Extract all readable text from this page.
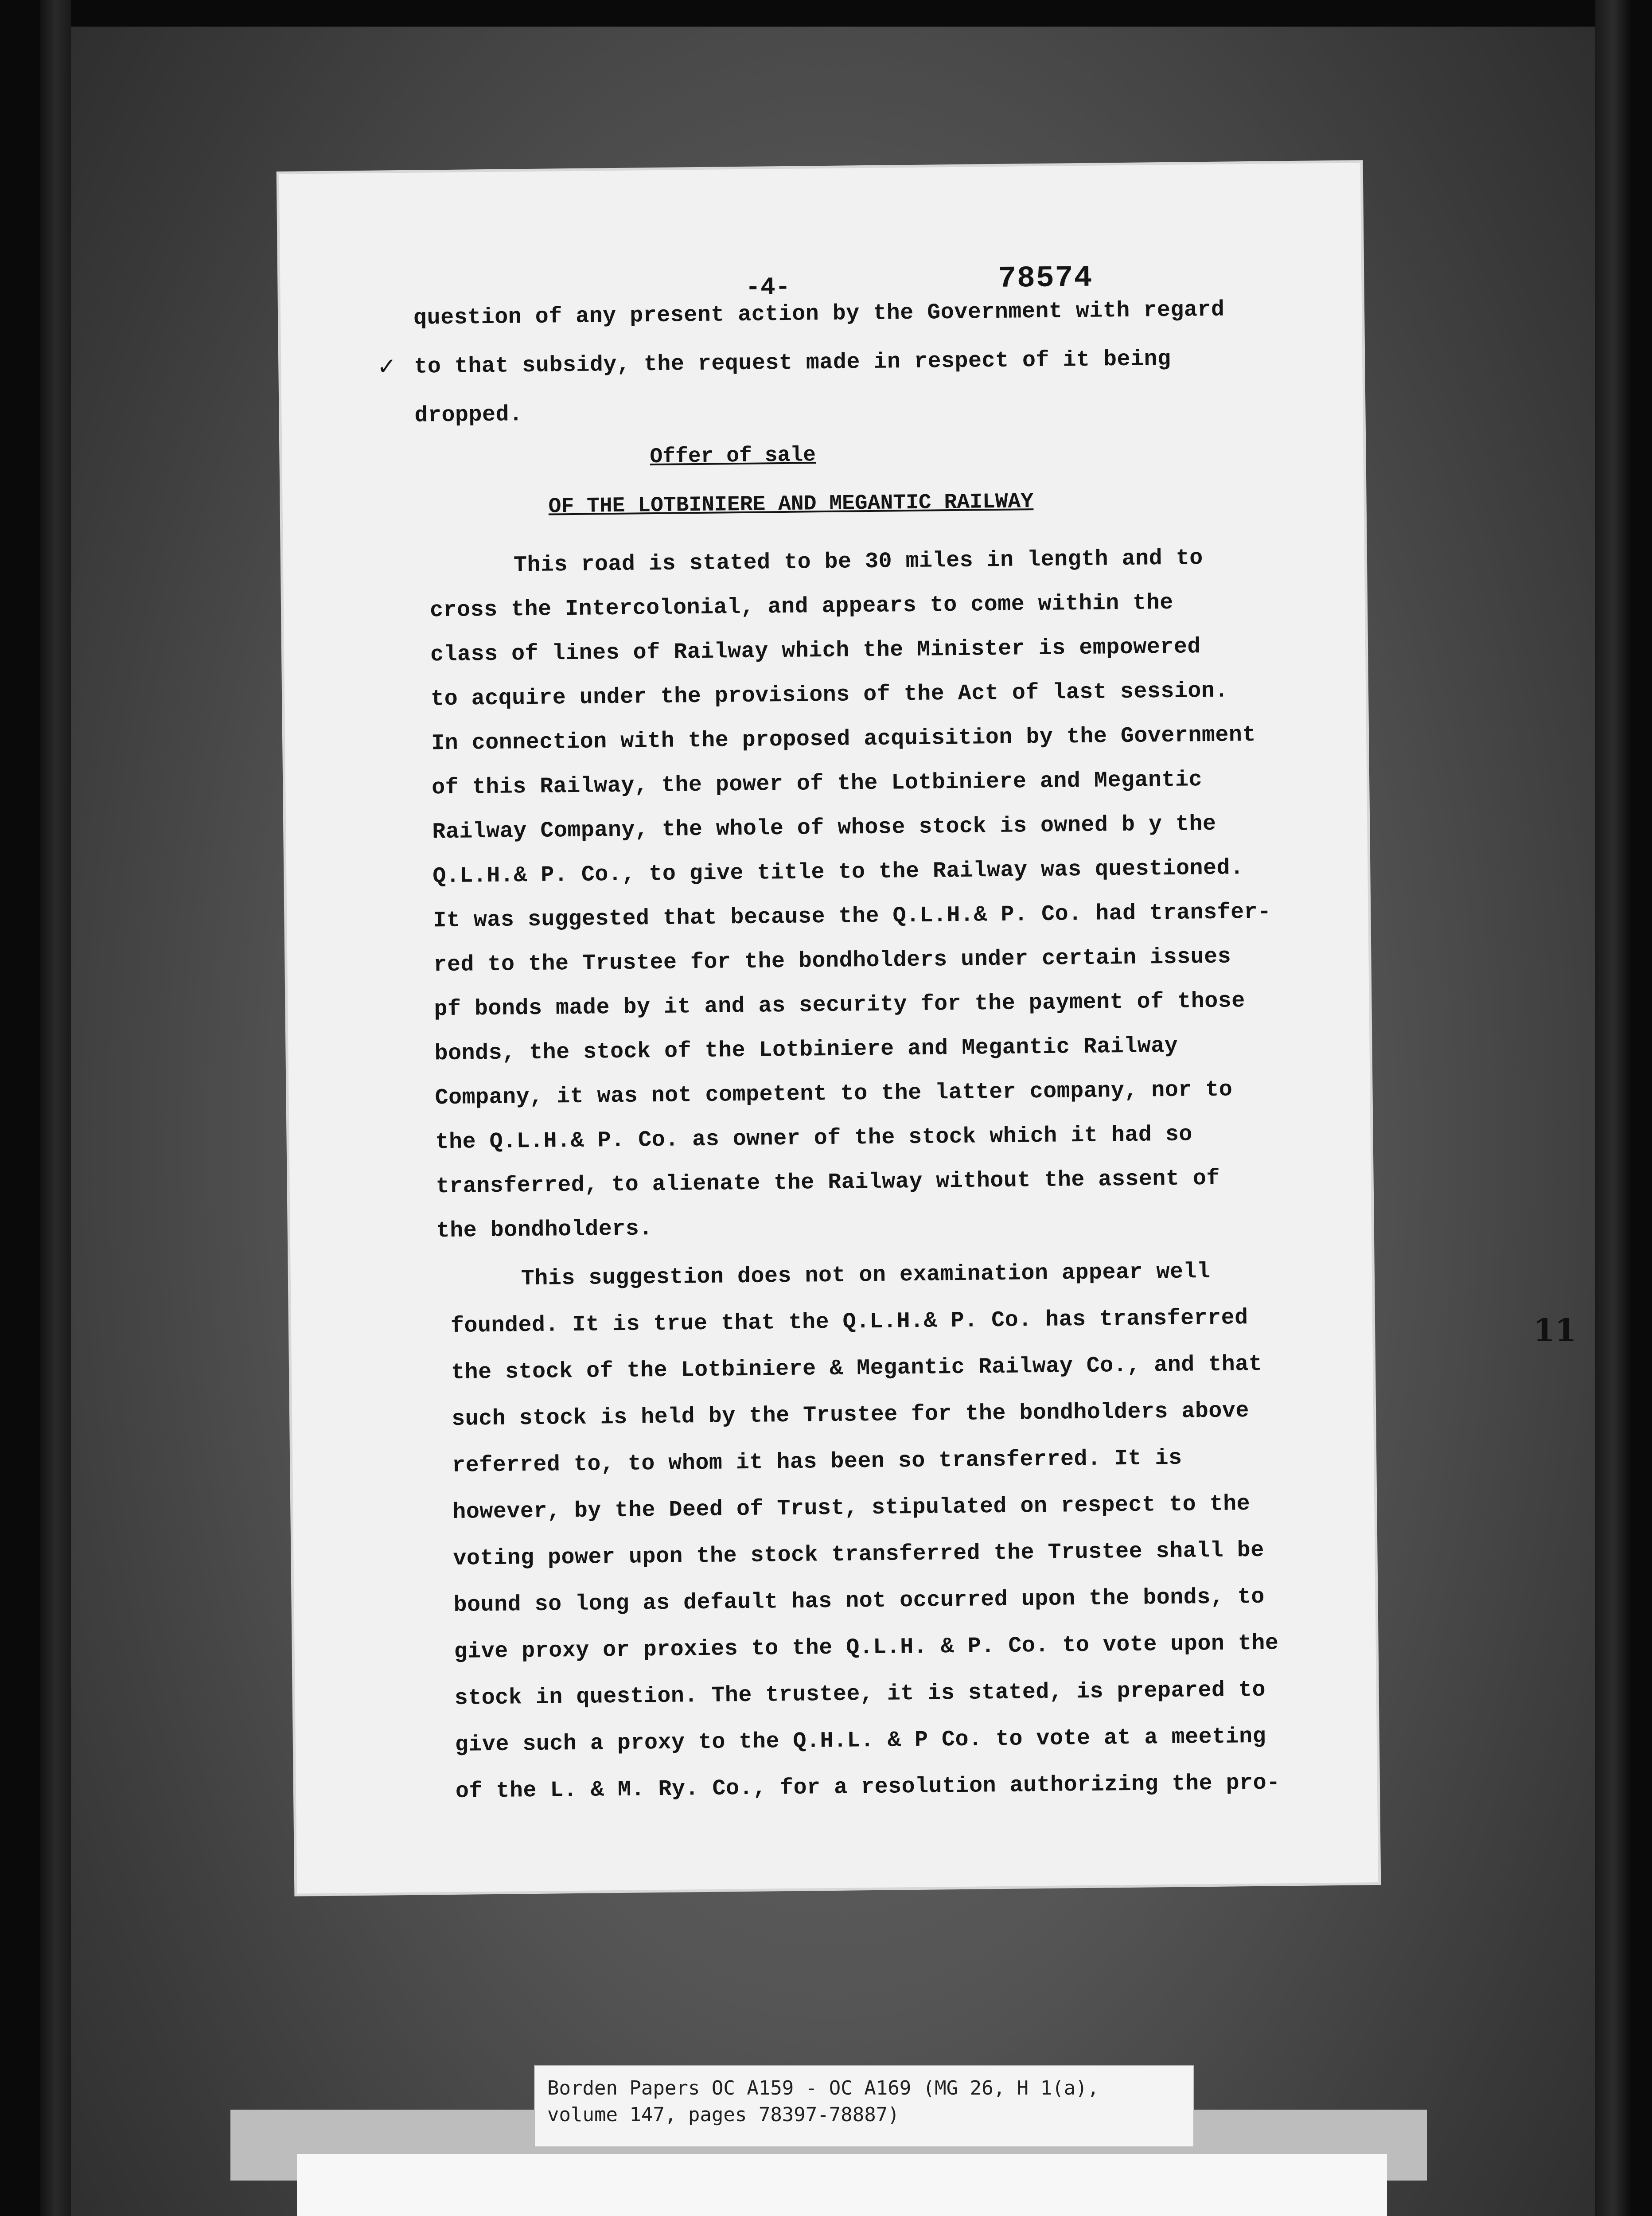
-4-	78574
✓
question of any present action by the Government with regard
to that subsidy, the request made in respect of it being
dropped.
Offer of sale
OF THE LOTBINIERE AND MEGANTIC RAILWAY
This road is stated to be 30 miles in length and to
cross the Intercolonial, and appears to come within the
class of lines of Railway which the Minister is empowered
to acquire under the provisions of the Act of last session.
In connection with the proposed acquisition by the Government
of this Railway, the power of the Lotbiniere and Megantic
Railway Company, the whole of whose stock is owned b y the
Q.L.H.& P. Co., to give title to the Railway was questioned.
It was suggested that because the Q.L.H.& P. Co. had transfer-
red to the Trustee for the bondholders under certain issues
pf bonds made by it and as security for the payment of those
bonds, the stock of the Lotbiniere and Megantic Railway
Company, it was not competent to the latter company, nor to
the Q.L.H.& P. Co. as owner of the stock which it had so
transferred, to alienate the Railway without the assent of
the bondholders.
This suggestion does not on examination appear well
founded. It is true that the Q.L.H.& P. Co. has transferred
the stock of the Lotbiniere & Megantic Railway Co., and that
such stock is held by the Trustee for the bondholders above
referred to, to whom it has been so transferred. It is
however, by the Deed of Trust, stipulated on respect to the
voting power upon the stock transferred the Trustee shall be
bound so long as default has not occurred upon the bonds, to
give proxy or proxies to the Q.L.H. & P. Co. to vote upon the
stock in question. The trustee, it is stated, is prepared to
give such a proxy to the Q.H.L. & P Co. to vote at a meeting
of the L. & M. Ry. Co., for a resolution authorizing the pro-
11
Borden Papers OC A159 - OC A169 (MG 26, H 1(a),
volume 147, pages 78397-78887)
